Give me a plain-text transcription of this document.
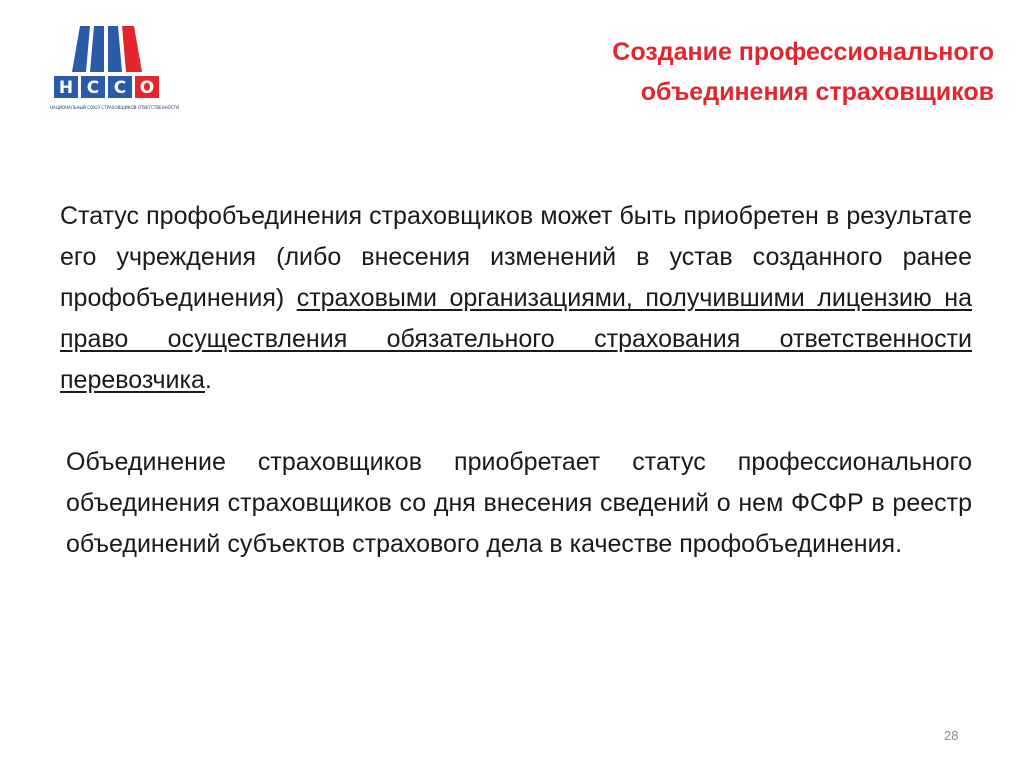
Н С С О
НАЦИОНАЛЬНЫЙ СОЮЗ СТРАХОВЩИКОВ ОТВЕТСТВЕННОСТИ
Создание профессионального
объединения страховщиков

Статус профобъединения страховщиков может быть приобретен в результате его учреждения (либо внесения изменений в устав созданного ранее профобъединения) страховыми организациями, получившими лицензию на право осуществления обязательного страхования ответственности перевозчика.

Объединение страховщиков приобретает статус профессионального объединения страховщиков со дня внесения сведений о нем ФСФР в реестр объединений субъектов страхового дела в качестве профобъединения.

28
